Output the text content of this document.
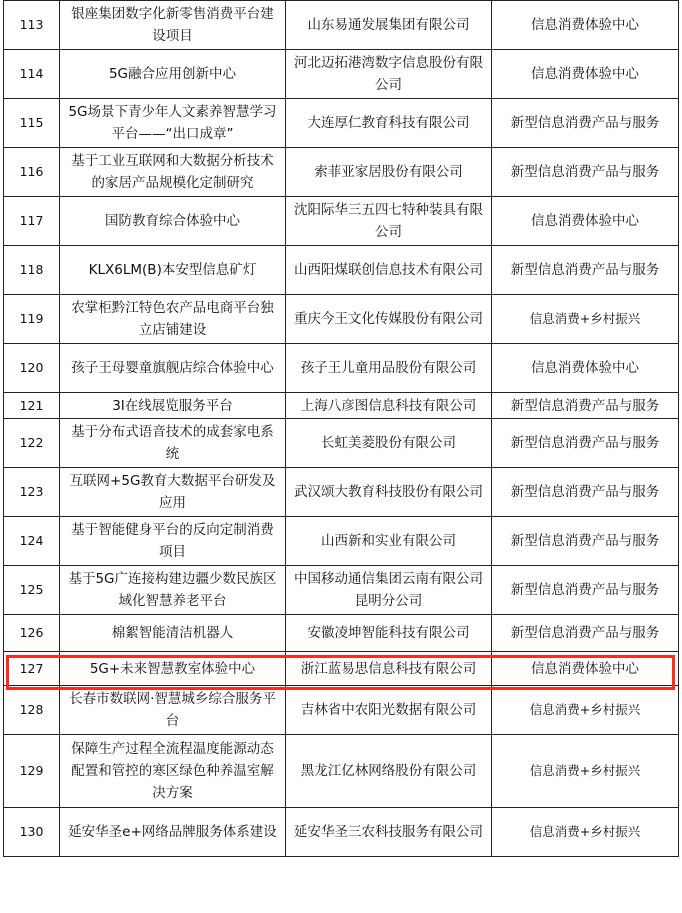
113	银座集团数字化新零售消费平台建设项目	山东易通发展集团有限公司	信息消费体验中心
114	5G融合应用创新中心	河北迈拓港湾数字信息股份有限公司	信息消费体验中心
115	5G场景下青少年人文素养智慧学习平台——“出口成章”	大连厚仁教育科技有限公司	新型信息消费产品与服务
116	基于工业互联网和大数据分析技术的家居产品规模化定制研究	索菲亚家居股份有限公司	新型信息消费产品与服务
117	国防教育综合体验中心	沈阳际华三五四七特种装具有限公司	信息消费体验中心
118	KLX6LM(B)本安型信息矿灯	山西阳煤联创信息技术有限公司	新型信息消费产品与服务
119	农掌柜黔江特色农产品电商平台独立店铺建设	重庆今王文化传媒股份有限公司	信息消费+乡村振兴
120	孩子王母婴童旗舰店综合体验中心	孩子王儿童用品股份有限公司	信息消费体验中心
121	3I在线展览服务平台	上海八彦图信息科技有限公司	新型信息消费产品与服务
122	基于分布式语音技术的成套家电系统	长虹美菱股份有限公司	新型信息消费产品与服务
123	互联网+5G教育大数据平台研发及应用	武汉颂大教育科技股份有限公司	新型信息消费产品与服务
124	基于智能健身平台的反向定制消费项目	山西新和实业有限公司	新型信息消费产品与服务
125	基于5G广连接构建边疆少数民族区域化智慧养老平台	中国移动通信集团云南有限公司昆明分公司	新型信息消费产品与服务
126	棉絮智能清洁机器人	安徽凌坤智能科技有限公司	新型信息消费产品与服务
127	5G+未来智慧教室体验中心	浙江蓝易思信息科技有限公司	信息消费体验中心
128	长春市数联网·智慧城乡综合服务平台	吉林省中农阳光数据有限公司	信息消费+乡村振兴
129	保障生产过程全流程温度能源动态配置和管控的寒区绿色种养温室解决方案	黑龙江亿林网络股份有限公司	信息消费+乡村振兴
130	延安华圣e+网络品牌服务体系建设	延安华圣三农科技服务有限公司	信息消费+乡村振兴
